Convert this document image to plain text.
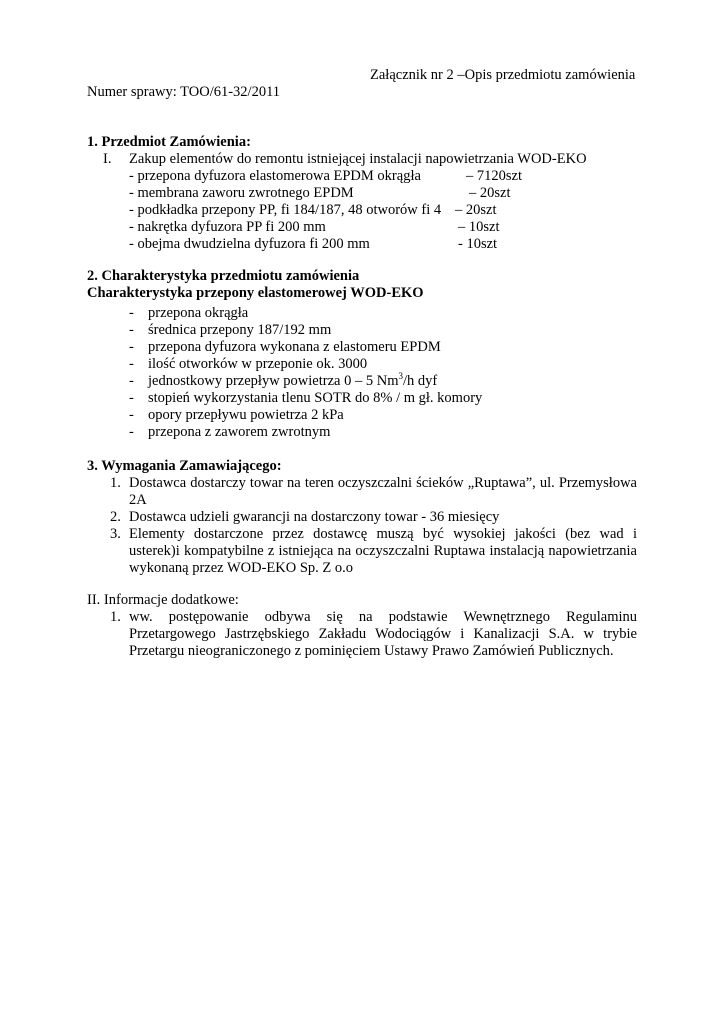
Załącznik nr 2 –Opis przedmiotu zamówienia
Numer sprawy: TOO/61-32/2011
1. Przedmiot Zamówienia:
I. Zakup elementów do remontu istniejącej instalacji napowietrzania WOD-EKO
- przepona dyfuzora elastomerowa EPDM okrągła	– 7120szt
- membrana zaworu zwrotnego EPDM	– 20szt
- podkładka przepony PP, fi 184/187, 48 otworów fi 4 – 20szt
- nakrętka dyfuzora PP fi 200 mm	– 10szt
- obejma dwudzielna dyfuzora fi 200 mm	- 10szt
2. Charakterystyka przedmiotu zamówienia
Charakterystyka przepony elastomerowej WOD-EKO
- przepona okrągła
- średnica przepony 187/192 mm
- przepona dyfuzora wykonana z elastomeru EPDM
- ilość otworków w przeponie ok. 3000
- jednostkowy przepływ powietrza 0 – 5 Nm$^3$/h dyf
- stopień wykorzystania tlenu SOTR do 8% / m gł. komory
- opory przepływu powietrza 2 kPa
- przepona z zaworem zwrotnym
3. Wymagania Zamawiającego:
1. Dostawca dostarczy towar na teren oczyszczalni ścieków „Ruptawa”, ul. Przemysłowa
2A
2. Dostawca udzieli gwarancji na dostarczony towar - 36 miesięcy
3. Elementy dostarczone przez dostawcę muszą być wysokiej jakości (bez wad i
usterek)i kompatybilne z istniejąca na oczyszczalni Ruptawa instalacją napowietrzania
wykonaną przez WOD-EKO Sp. Z o.o
II. Informacje dodatkowe:
1. ww. postępowanie odbywa się na podstawie Wewnętrznego Regulaminu
Przetargowego Jastrzębskiego Zakładu Wodociągów i Kanalizacji S.A. w trybie
Przetargu nieograniczonego z pominięciem Ustawy Prawo Zamówień Publicznych.
